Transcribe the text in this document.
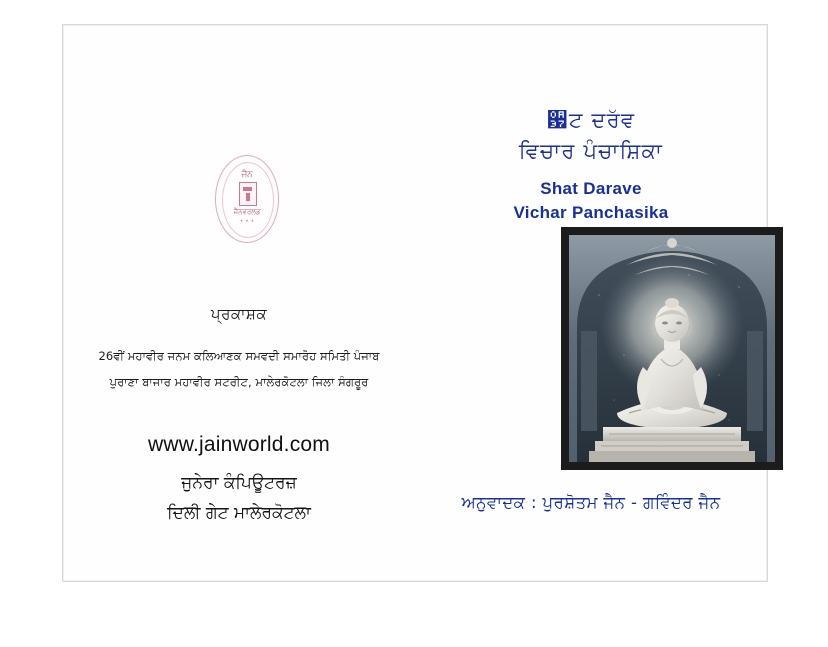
ਜੈਨ
ਜੈਨਵਰਲਡ
• • •
ਪ੍ਰਕਾਸ਼ਕ
26ਵੀਂ ਮਹਾਵੀਰ ਜਨਮ ਕਲਿਆਣਕ ਸਮਵਦੀ ਸਮਾਰੋਹ ਸਮਿਤੀ ਪੰਜਾਬ
ਪੁਰਾਣਾ ਬਾਜਾਰ ਮਹਾਵੀਰ ਸਟਰੀਟ, ਮਾਲੇਰਕੋਟਲਾ ਜਿਲਾ ਸੰਗਰੂਰ
www.jainworld.com
ਜੁਨੇਰਾ ਕੰਪਿਊਟਰਜ਼
ਦਿਲੀ ਗੇਟ ਮਾਲੇਰਕੋਟਲਾ
਷ਟ ਦਰੱਵ
ਵਿਚਾਰ ਪੰਚਾਸ਼ਿਕਾ
Shat Darave
Vichar Panchasika
ਅਨੁਵਾਦਕ : ਪੁਰਸ਼ੋਤਮ ਜੈਨ - ਗਵਿੰਦਰ ਜੈਨ
